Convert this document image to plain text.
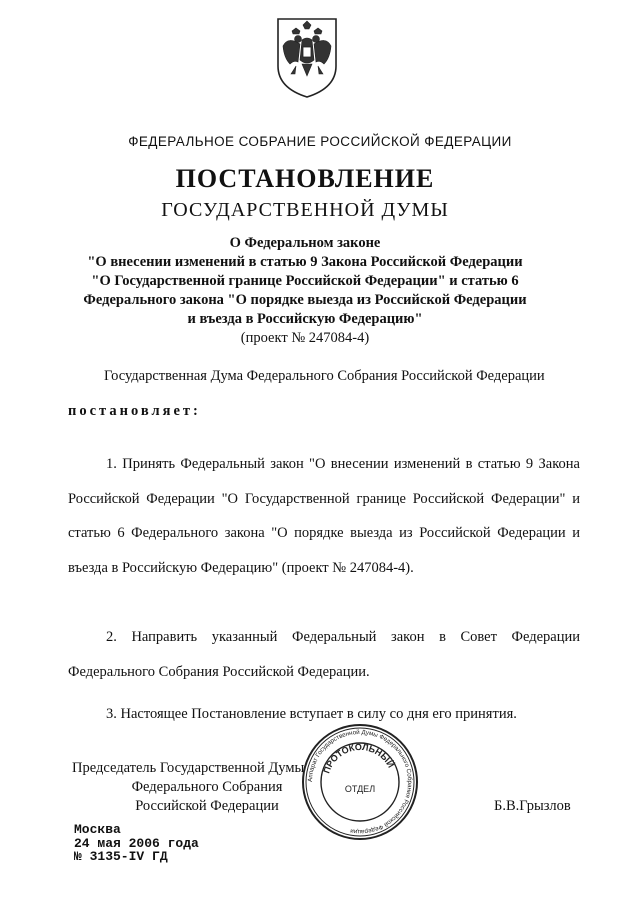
ФЕДЕРАЛЬНОЕ СОБРАНИЕ РОССИЙСКОЙ ФЕДЕРАЦИИ
ПОСТАНОВЛЕНИЕ
ГОСУДАРСТВЕННОЙ ДУМЫ
О Федеральном законе
"О внесении изменений в статью 9 Закона Российской Федерации
"О Государственной границе Российской Федерации" и статью 6
Федерального закона "О порядке выезда из Российской Федерации
и въезда в Российскую Федерацию"
(проект № 247084-4)
Государственная Дума Федерального Собрания Российской Федерации
постановляет:
1. Принять Федеральный закон "О внесении изменений в статью 9 Закона Российской Федерации "О Государственной границе Российской Федерации" и статью 6 Федерального закона "О порядке выезда из Российской Федерации и въезда в Российскую Федерацию" (проект № 247084-4).
2. Направить указанный Федеральный закон в Совет Федерации Федерального Собрания Российской Федерации.
3. Настоящее Постановление вступает в силу со дня его принятия.
Председатель Государственной Думы
Федерального Собрания
Российской Федерации
Аппарат Государственной Думы Федерального Собрания Российской Федерации
ПРОТОКОЛЬНЫЙ
ОТДЕЛ
Б.В.Грызлов
Москва
24 мая 2006 года
№ 3135-IV ГД
